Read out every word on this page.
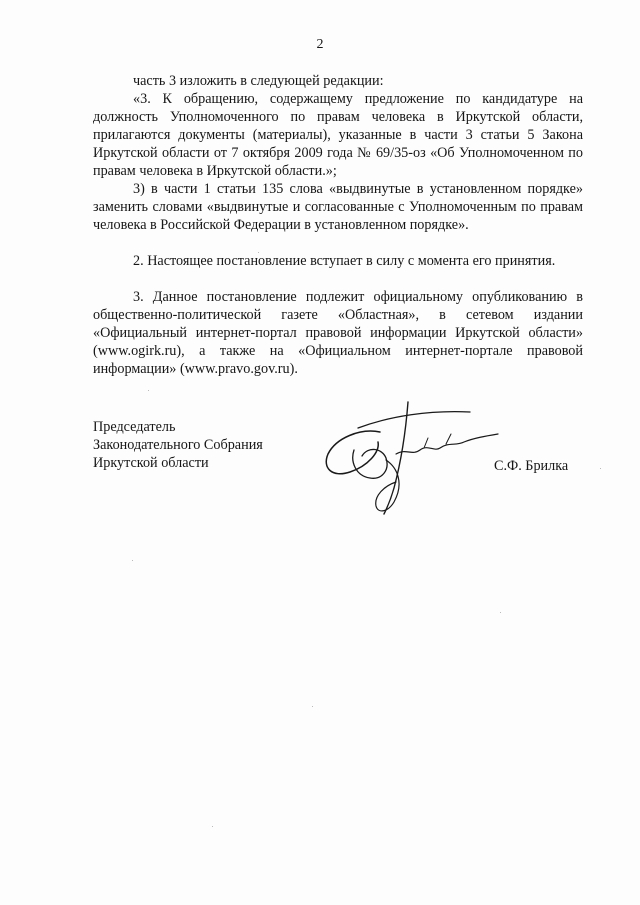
2

часть 3 изложить в следующей редакции:

«3. К обращению, содержащему предложение по кандидатуре на должность Уполномоченного по правам человека в Иркутской области, прилагаются документы (материалы), указанные в части 3 статьи 5 Закона Иркутской области от 7 октября 2009 года № 69/35-оз «Об Уполномоченном по правам человека в Иркутской области.»;

3) в части 1 статьи 135 слова «выдвинутые в установленном порядке» заменить словами «выдвинутые и согласованные с Уполномоченным по правам человека в Российской Федерации в установленном порядке».

2. Настоящее постановление вступает в силу с момента его принятия.

3. Данное постановление подлежит официальному опубликованию в общественно-политической газете «Областная», в сетевом издании «Официальный интернет-портал правовой информации Иркутской области» (www.ogirk.ru), а также на «Официальном интернет-портале правовой информации» (www.pravo.gov.ru).

Председатель
Законодательного Собрания
Иркутской области	С.Ф. Брилка
